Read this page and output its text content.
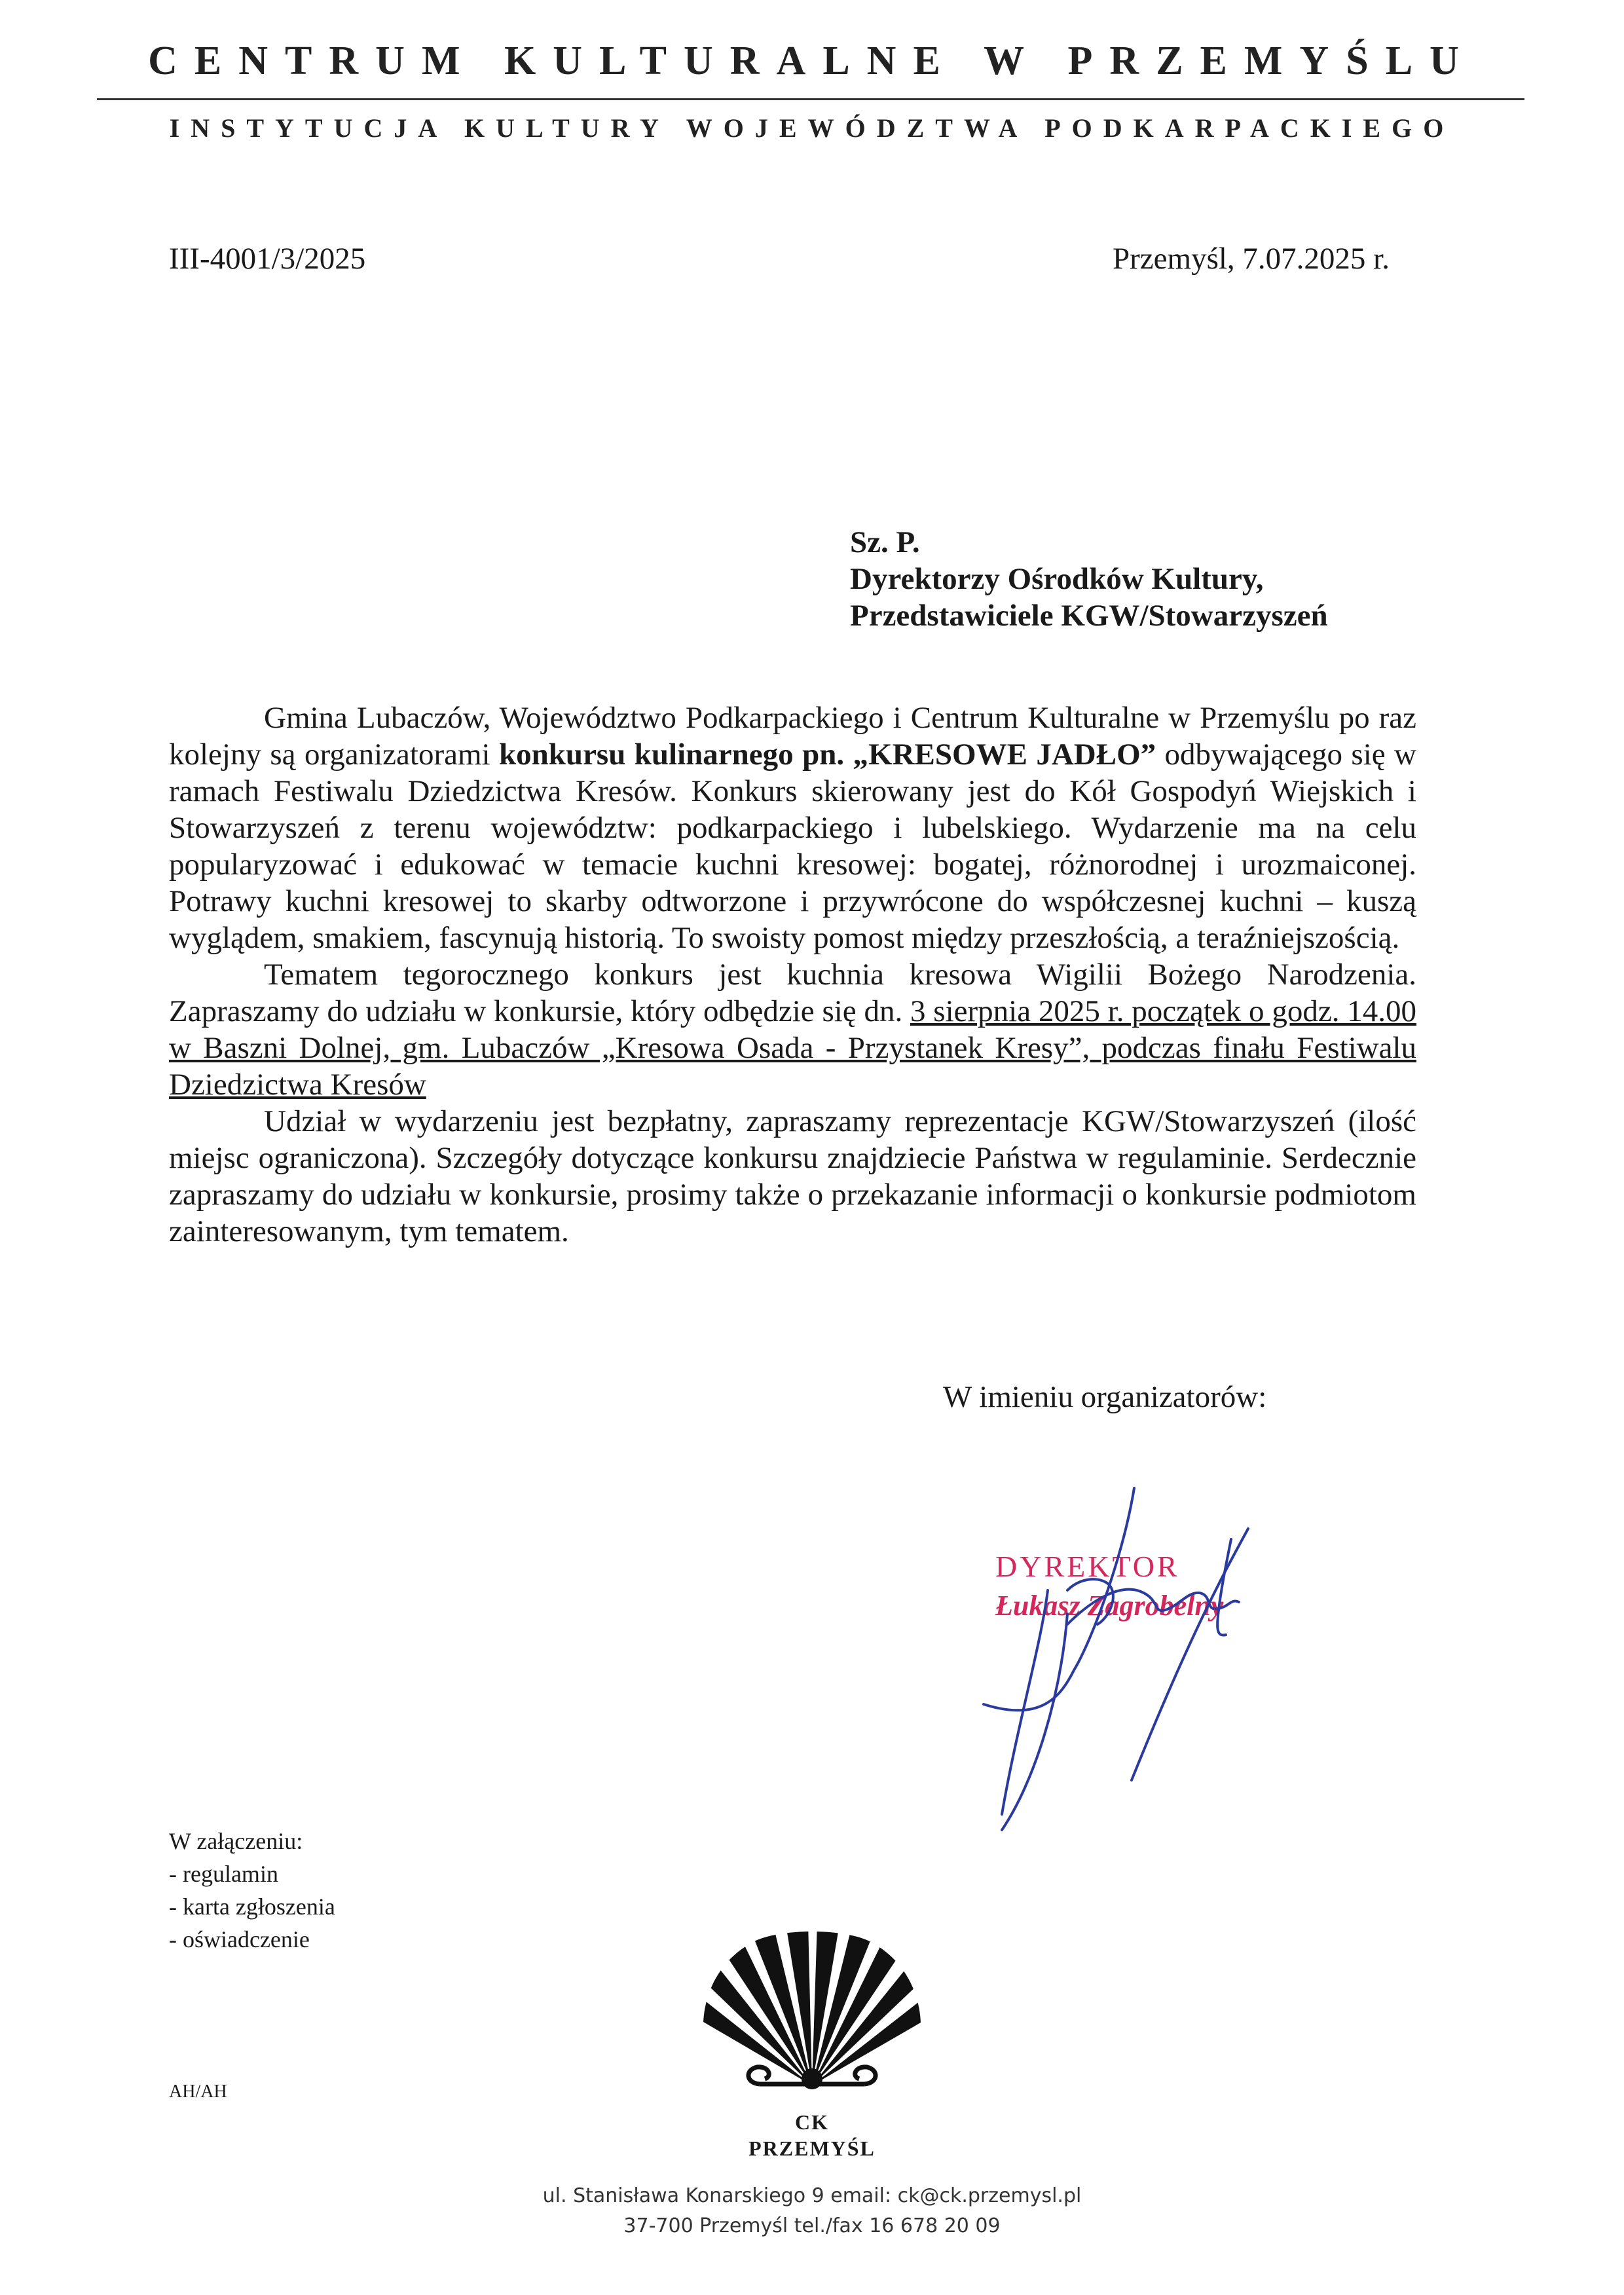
CENTRUM KULTURALNE W PRZEMYŚLU
INSTYTUCJA KULTURY WOJEWÓDZTWA PODKARPACKIEGO
III-4001/3/2025	Przemyśl, 7.07.2025 r.
Sz. P.
Dyrektorzy Ośrodków Kultury,
Przedstawiciele KGW/Stowarzyszeń

Gmina Lubaczów, Województwo Podkarpackiego i Centrum Kulturalne w Przemyślu po raz kolejny są organizatorami konkursu kulinarnego pn. „KRESOWE JADŁO” odbywającego się w ramach Festiwalu Dziedzictwa Kresów. Konkurs skierowany jest do Kół Gospodyń Wiejskich i Stowarzyszeń z terenu województw: podkarpackiego i lubelskiego. Wydarzenie ma na celu popularyzować i edukować w temacie kuchni kresowej: bogatej, różnorodnej i urozmaiconej. Potrawy kuchni kresowej to skarby odtworzone i przywrócone do współczesnej kuchni – kuszą wyglądem, smakiem, fascynują historią. To swoisty pomost między przeszłością, a teraźniejszością.

Tematem tegorocznego konkurs jest kuchnia kresowa Wigilii Bożego Narodzenia. Zapraszamy do udziału w konkursie, który odbędzie się dn. 3 sierpnia 2025 r. początek o godz. 14.00 w Baszni Dolnej, gm. Lubaczów „Kresowa Osada - Przystanek Kresy”, podczas finału Festiwalu Dziedzictwa Kresów

Udział w wydarzeniu jest bezpłatny, zapraszamy reprezentacje KGW/Stowarzyszeń (ilość miejsc ograniczona). Szczegóły dotyczące konkursu znajdziecie Państwa w regulaminie. Serdecznie zapraszamy do udziału w konkursie, prosimy także o przekazanie informacji o konkursie podmiotom zainteresowanym, tym tematem.

W imieniu organizatorów:
DYREKTOR
Łukasz Zagrobelny
W załączeniu:
- regulamin
- karta zgłoszenia
- oświadczenie
AH/AH
CK
PRZEMYŚL
ul. Stanisława Konarskiego 9 email: ck@ck.przemysl.pl
37-700 Przemyśl tel./fax 16 678 20 09
